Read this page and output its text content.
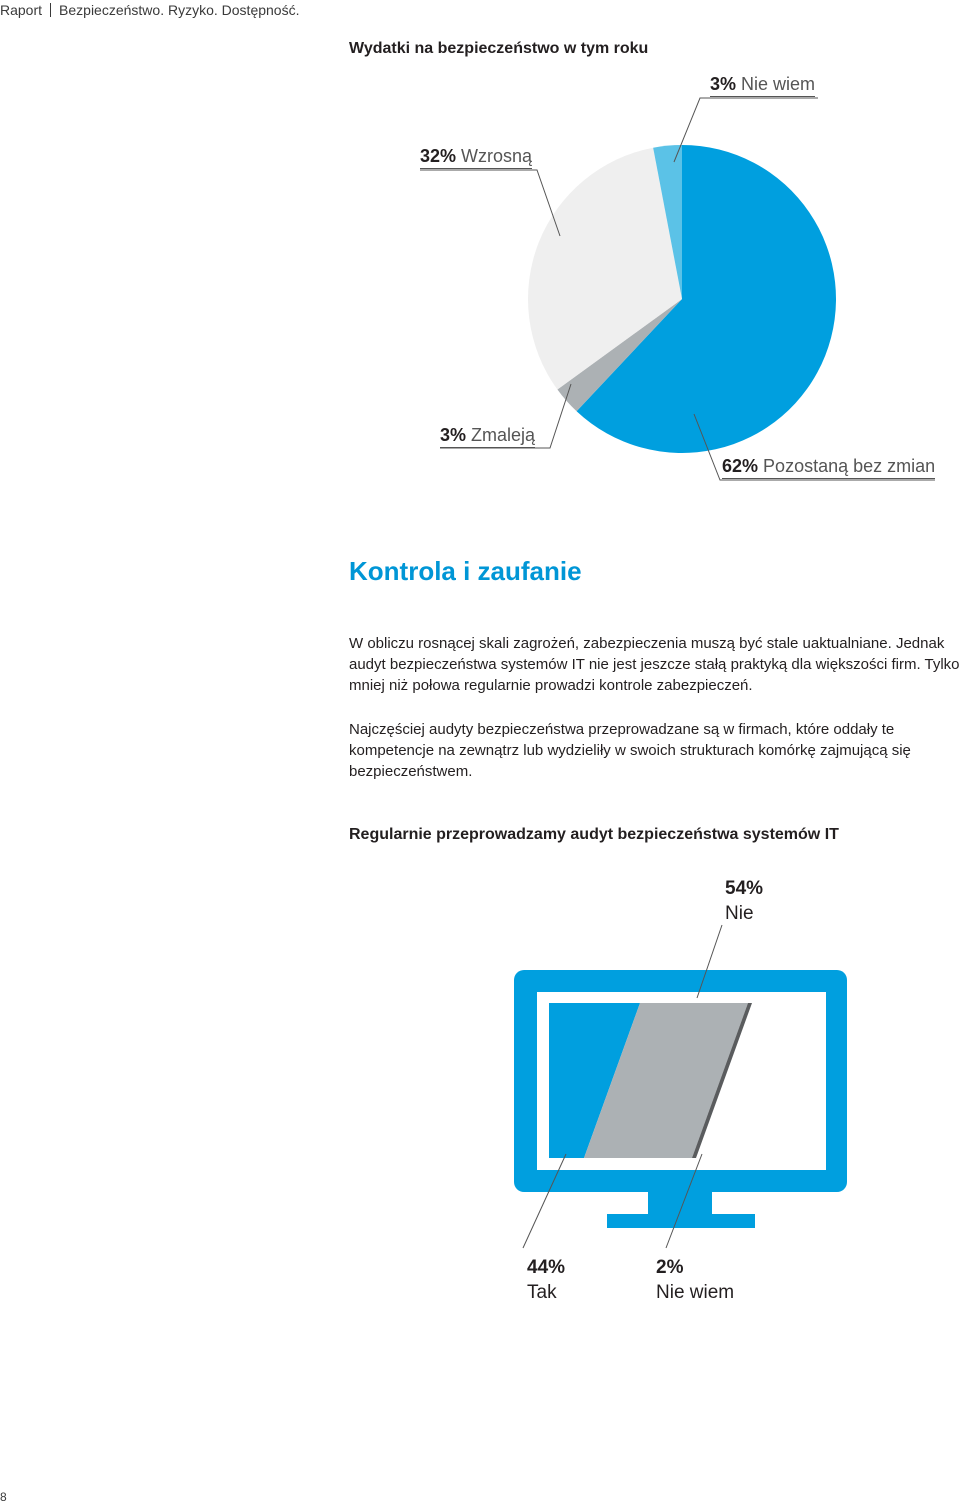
Raport Bezpieczeństwo. Ryzyko. Dostępność.
Wydatki na bezpieczeństwo w tym roku
3% Nie wiem
32% Wzrosną
3% Zmaleją
62% Pozostaną bez zmian
Kontrola i zaufanie
W obliczu rosnącej skali zagrożeń, zabezpieczenia muszą być stale uaktualniane. Jednak audyt bezpieczeństwa systemów IT nie jest jeszcze stałą praktyką dla większości firm. Tylko mniej niż połowa regularnie prowadzi kontrole zabezpieczeń.
Najczęściej audyty bezpieczeństwa przeprowadzane są w firmach, które oddały te kompetencje na zewnątrz lub wydzieliły w swoich strukturach komórkę zajmującą się bezpieczeństwem.
Regularnie przeprowadzamy audyt bezpieczeństwa systemów IT
54%
Nie
44%
Tak
2%
Nie wiem
8
